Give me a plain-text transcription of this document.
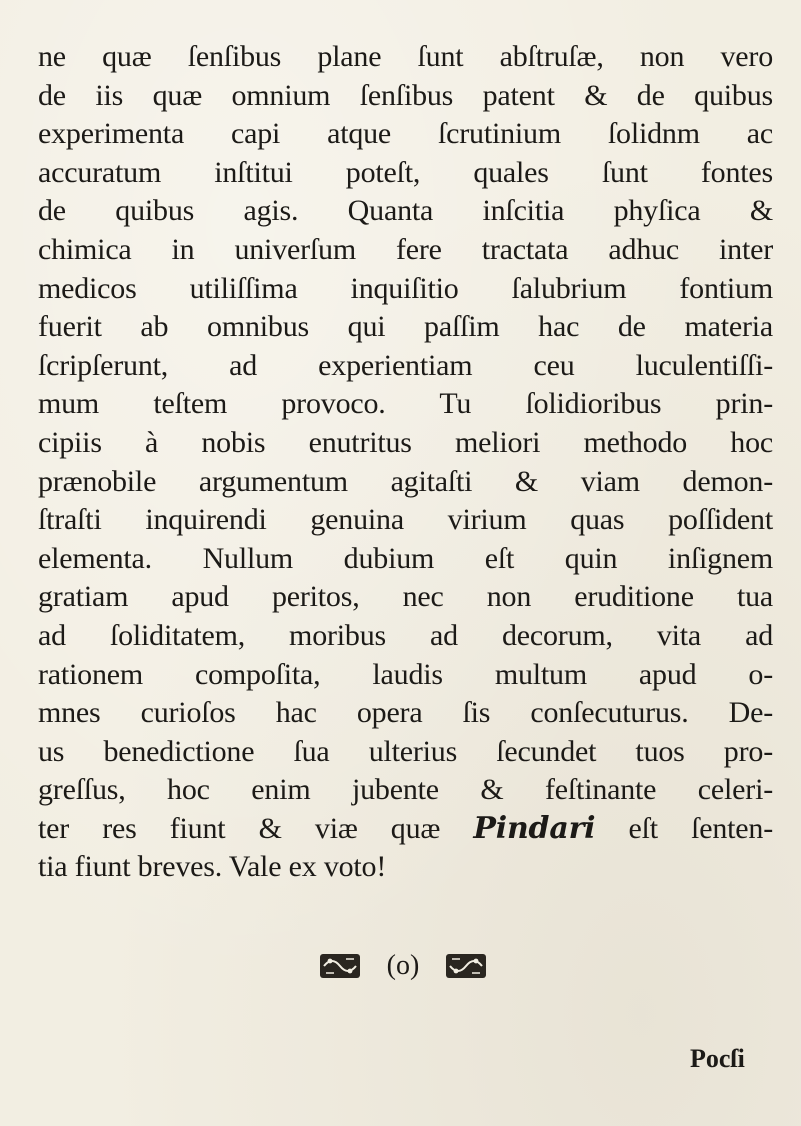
ne quæ ſenſibus plane ſunt abſtruſæ, non vero
de iis quæ omnium ſenſibus patent & de quibus
experimenta capi atque ſcrutinium ſolidnm ac
accuratum inſtitui poteſt, quales ſunt fontes
de quibus agis. Quanta inſcitia phyſica &
chimica in univerſum fere tractata adhuc inter
medicos utiliſſima inquiſitio ſalubrium fontium
fuerit ab omnibus qui paſſim hac de materia
ſcripſerunt, ad experientiam ceu luculentiſſi-
mum teſtem provoco. Tu ſolidioribus prin-
cipiis à nobis enutritus meliori methodo hoc
prænobile argumentum agitaſti & viam demon-
ſtraſti inquirendi genuina virium quas poſſident
elementa. Nullum dubium eſt quin inſignem
gratiam apud peritos, nec non eruditione tua
ad ſoliditatem, moribus ad decorum, vita ad
rationem compoſita, laudis multum apud o-
mnes curioſos hac opera ſis conſecuturus. De-
us benedictione ſua ulterius ſecundet tuos pro-
greſſus, hoc enim jubente & feſtinante celeri-
ter res fiunt & viæ quæ Pindari eſt ſenten-
tia fiunt breves. Vale ex voto!
(o)
Pocſi
